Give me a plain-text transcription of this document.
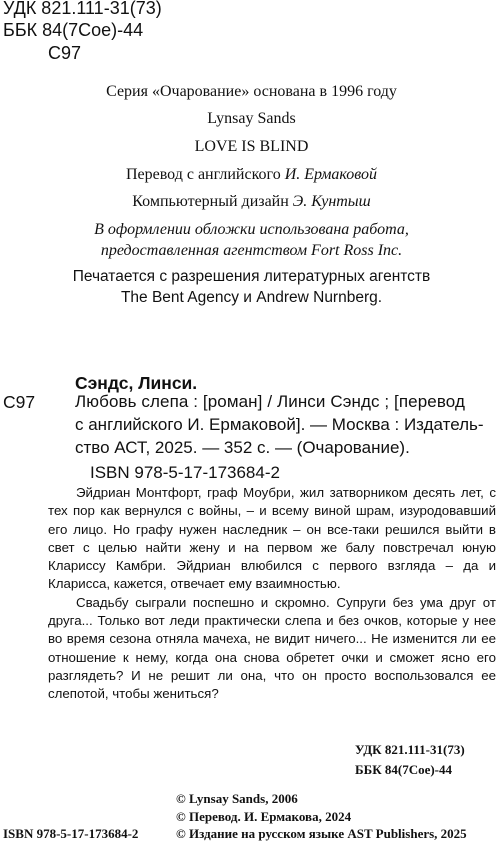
УДК 821.111-31(73)
ББК 84(7Сое)-44
С97
Серия «Очарование» основана в 1996 году
Lynsay Sands
LOVE IS BLIND
Перевод с английского И. Ермаковой
Компьютерный дизайн Э. Кунтыш
В оформлении обложки использована работа,
предоставленная агентством Fort Ross Inc.
Печатается с разрешения литературных агентств
The Bent Agency и Andrew Nurnberg.
Сэндс, Линси.
С97 Любовь слепа : [роман] / Линси Сэндс ; [перевод
с английского И. Ермаковой]. — Москва : Издатель-
ство АСТ, 2025. — 352 с. — (Очарование).
ISBN 978-5-17-173684-2

Эйдриан Монтфорт, граф Моубри, жил затворником десять лет, с тех пор как вернулся с войны, – и всему виной шрам, изуродовавший его лицо. Но графу нужен наследник – он все-таки решился выйти в свет с целью найти жену и на первом же балу повстречал юную Клариссу Камбри. Эйдриан влюбился с первого взгляда – да и Кларисса, кажется, отвечает ему взаимностью.

Свадьбу сыграли поспешно и скромно. Супруги без ума друг от друга... Только вот леди практически слепа и без очков, которые у нее во время сезона отняла мачеха, не видит ничего... Не изменится ли ее отношение к нему, когда она снова обретет очки и сможет ясно его разглядеть? И не решит ли она, что он просто воспользовался ее слепотой, чтобы жениться?

УДК 821.111-31(73)
ББК 84(7Сое)-44
© Lynsay Sands, 2006
© Перевод. И. Ермакова, 2024
ISBN 978-5-17-173684-2	© Издание на русском языке AST Publishers, 2025
